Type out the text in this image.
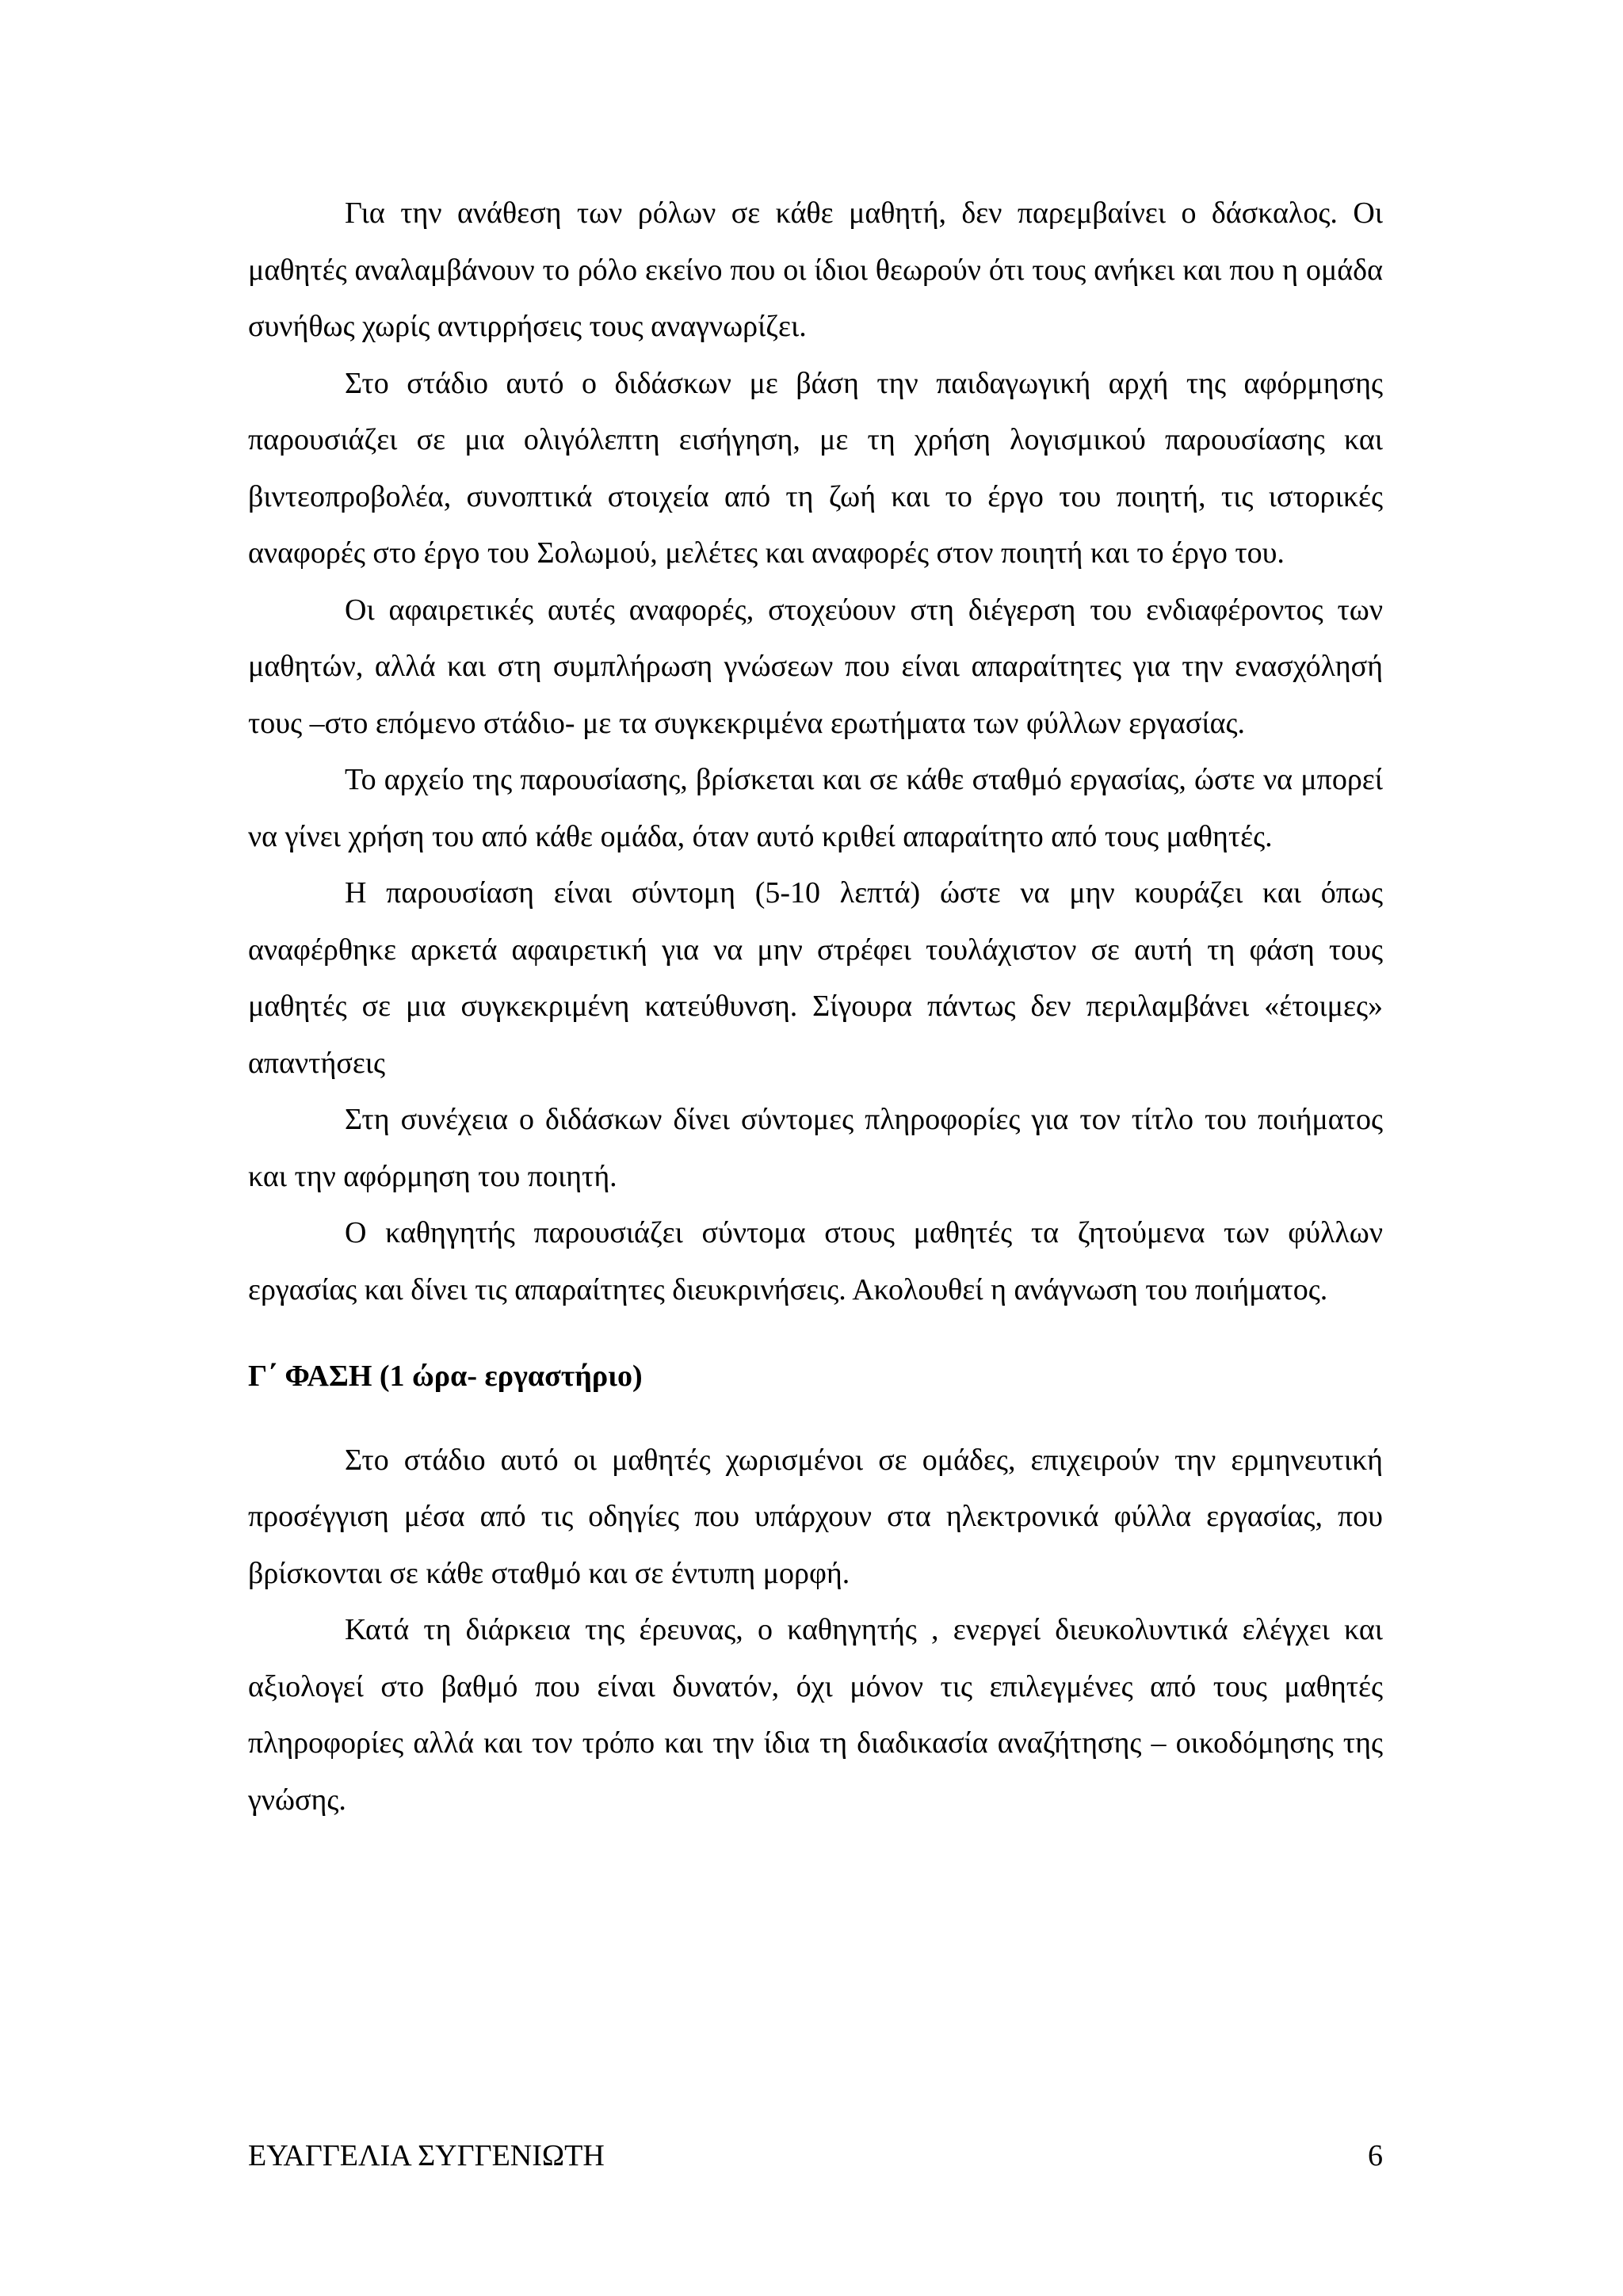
Για την ανάθεση των ρόλων σε κάθε μαθητή, δεν παρεμβαίνει ο δάσκαλος. Οι μαθητές αναλαμβάνουν το ρόλο εκείνο που οι ίδιοι θεωρούν ότι τους ανήκει και που η ομάδα συνήθως χωρίς αντιρρήσεις τους αναγνωρίζει.

Στο στάδιο αυτό ο διδάσκων με βάση την παιδαγωγική αρχή της αφόρμησης παρουσιάζει σε μια ολιγόλεπτη εισήγηση, με τη χρήση λογισμικού παρουσίασης και βιντεοπροβολέα, συνοπτικά στοιχεία από τη ζωή και το έργο του ποιητή, τις ιστορικές αναφορές στο έργο του Σολωμού, μελέτες και αναφορές στον ποιητή και το έργο του.

Οι αφαιρετικές αυτές αναφορές, στοχεύουν στη διέγερση του ενδιαφέροντος των μαθητών, αλλά και στη συμπλήρωση γνώσεων που είναι απαραίτητες για την ενασχόλησή τους –στο επόμενο στάδιο- με τα συγκεκριμένα ερωτήματα των φύλλων εργασίας.

Το αρχείο της παρουσίασης, βρίσκεται και σε κάθε σταθμό εργασίας, ώστε να μπορεί να γίνει χρήση του από κάθε ομάδα, όταν αυτό κριθεί απαραίτητο από τους μαθητές.

Η παρουσίαση είναι σύντομη (5-10 λεπτά) ώστε να μην κουράζει και όπως αναφέρθηκε αρκετά αφαιρετική για να μην στρέφει τουλάχιστον σε αυτή τη φάση τους μαθητές σε μια συγκεκριμένη κατεύθυνση. Σίγουρα πάντως δεν περιλαμβάνει «έτοιμες» απαντήσεις

Στη συνέχεια ο διδάσκων δίνει σύντομες πληροφορίες για τον τίτλο του ποιήματος και την αφόρμηση του ποιητή.

Ο καθηγητής παρουσιάζει σύντομα στους μαθητές τα ζητούμενα των φύλλων εργασίας και δίνει τις απαραίτητες διευκρινήσεις. Ακολουθεί η ανάγνωση του ποιήματος.

Γ΄ ΦΑΣΗ (1 ώρα- εργαστήριο)

Στο στάδιο αυτό οι μαθητές χωρισμένοι σε ομάδες, επιχειρούν την ερμηνευτική προσέγγιση μέσα από τις οδηγίες που υπάρχουν στα ηλεκτρονικά φύλλα εργασίας, που βρίσκονται σε κάθε σταθμό και σε έντυπη μορφή.

Κατά τη διάρκεια της έρευνας, ο καθηγητής , ενεργεί διευκολυντικά ελέγχει και αξιολογεί στο βαθμό που είναι δυνατόν, όχι μόνον τις επιλεγμένες από τους μαθητές πληροφορίες αλλά και τον τρόπο και την ίδια τη διαδικασία αναζήτησης – οικοδόμησης της γνώσης.

ΕΥΑΓΓΕΛΙΑ ΣΥΓΓΕΝΙΩΤΗ	6
